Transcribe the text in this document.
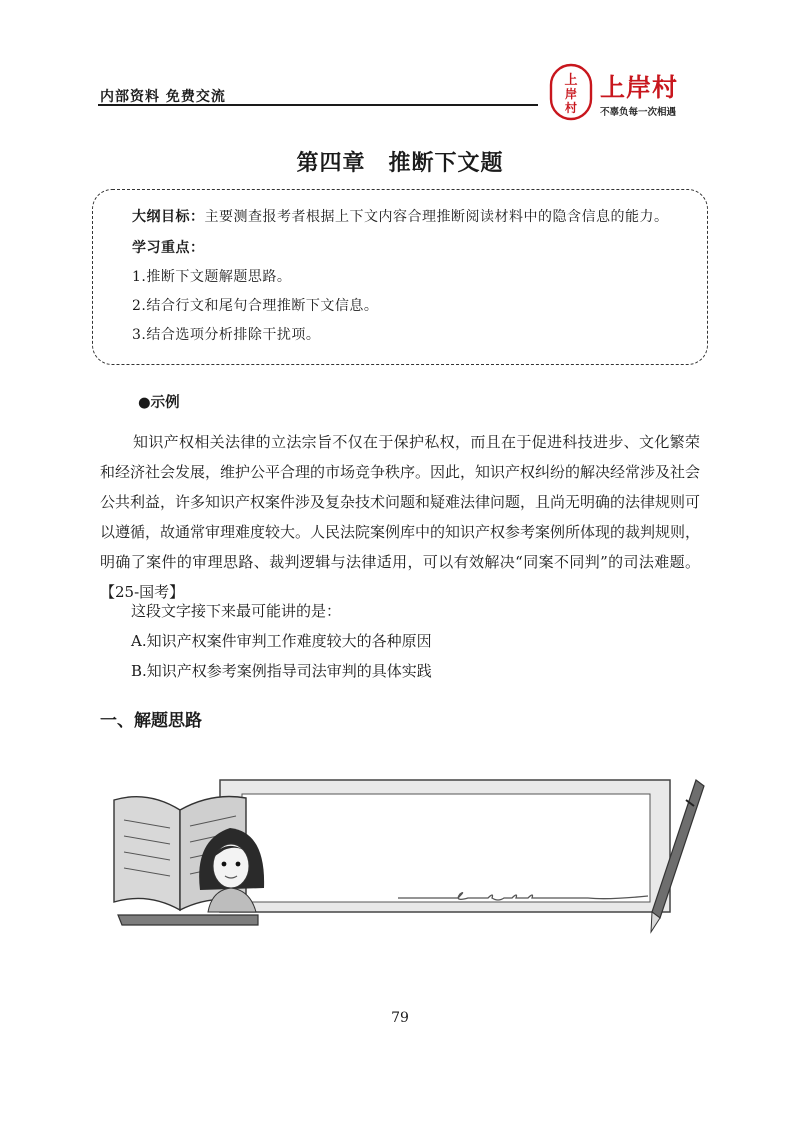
内部资料 免费交流
上
岸
村
上岸村
不辜负每一次相遇
第四章　推断下文题
大纲目标：主要测查报考者根据上下文内容合理推断阅读材料中的隐含信息的能力。
学习重点：
1.推断下文题解题思路。
2.结合行文和尾句合理推断下文信息。
3.结合选项分析排除干扰项。
●示例

知识产权相关法律的立法宗旨不仅在于保护私权，而且在于促进科技进步、文化繁荣和经济社会发展，维护公平合理的市场竞争秩序。因此，知识产权纠纷的解决经常涉及社会公共利益，许多知识产权案件涉及复杂技术问题和疑难法律问题，且尚无明确的法律规则可以遵循，故通常审理难度较大。人民法院案例库中的知识产权参考案例所体现的裁判规则，明确了案件的审理思路、裁判逻辑与法律适用，可以有效解决“同案不同判”的司法难题。【25-国考】

这段文字接下来最可能讲的是：
A.知识产权案件审判工作难度较大的各种原因
B.知识产权参考案例指导司法审判的具体实践
一、解题思路
79
